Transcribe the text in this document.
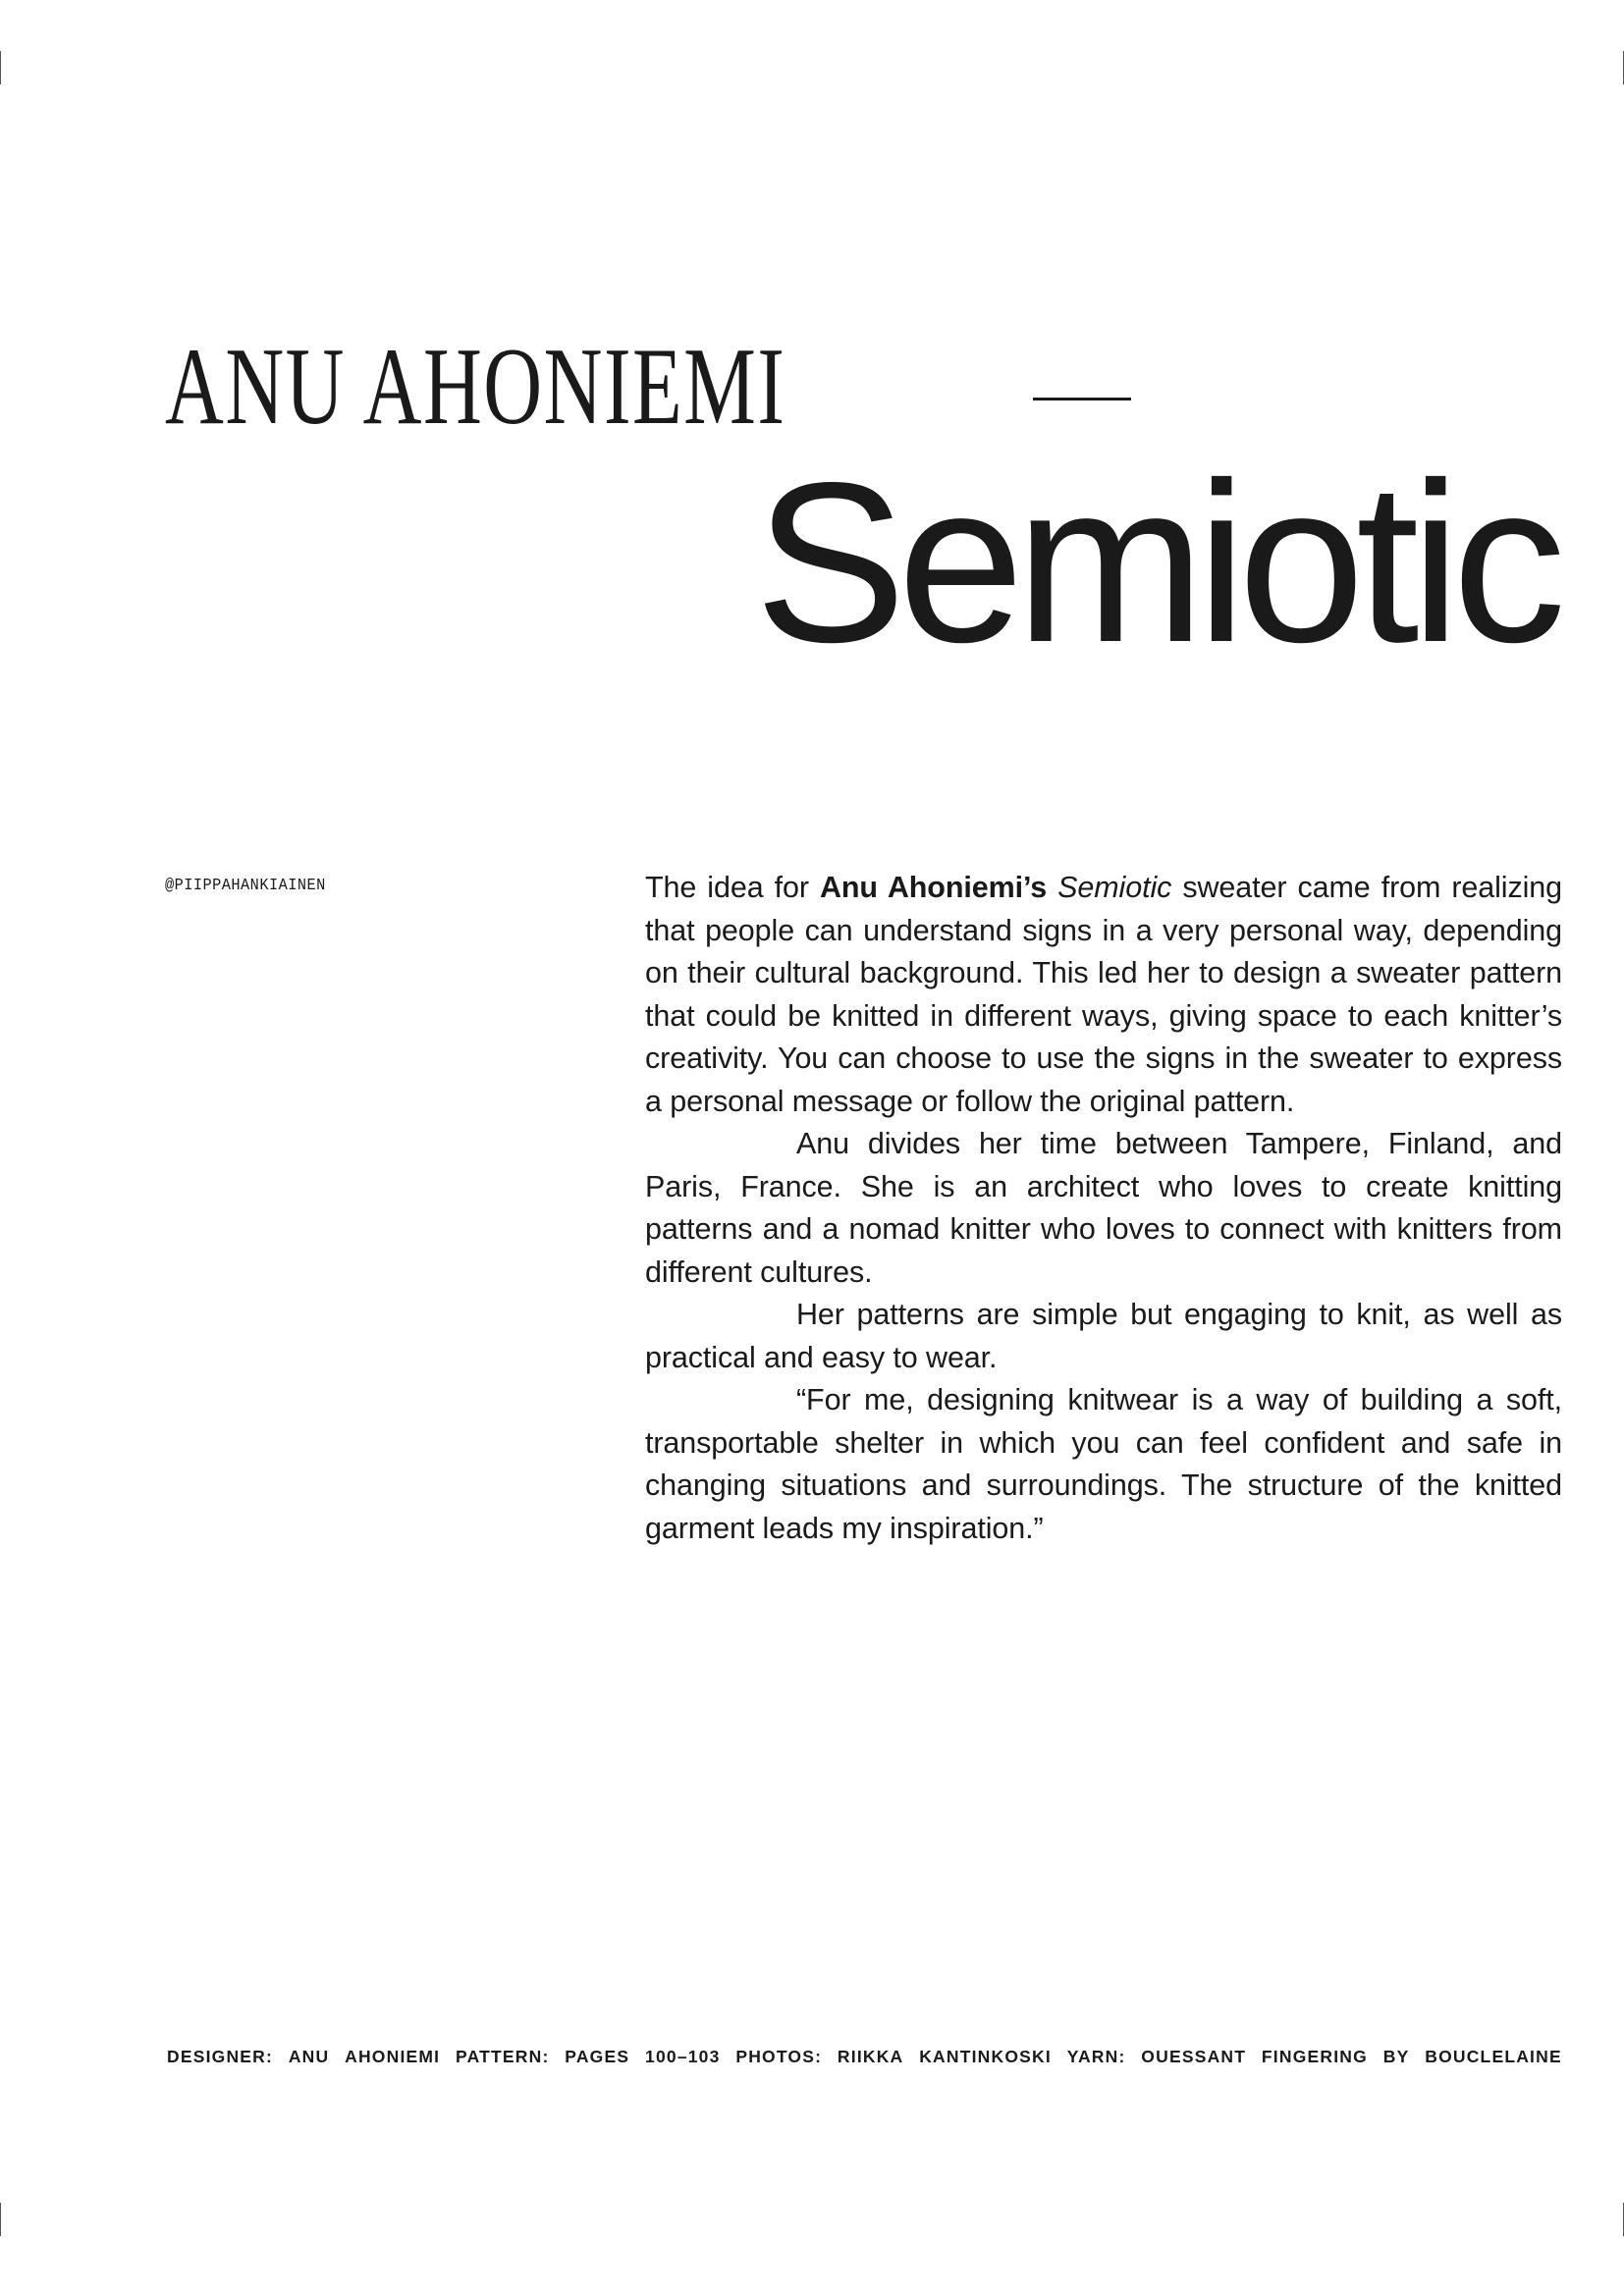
ANU AHONIEMI
Semiotic
@PIIPPAHANKIAINEN	The idea for Anu Ahoniemi’s Semiotic sweater came from realizing that people can understand signs in a very personal way, depending on their cultural background. This led her to design a sweater pattern that could be knitted in different ways, giving space to each knitter’s creativity. You can choose to use the signs in the sweater to express a personal message or follow the original pattern.

Anu divides her time between Tampere, Finland, and Paris, France. She is an architect who loves to create knitting patterns and a nomad knitter who loves to connect with knitters from different cultures.

Her patterns are simple but engaging to knit, as well as practical and easy to wear.

“For me, designing knitwear is a way of building a soft, transportable shelter in which you can feel confident and safe in changing situations and surroundings. The structure of the knitted garment leads my inspiration.”

DESIGNER: ANU AHONIEMI PATTERN: PAGES 100–103 PHOTOS: RIIKKA KANTINKOSKI YARN: OUESSANT FINGERING BY BOUCLELAINE
